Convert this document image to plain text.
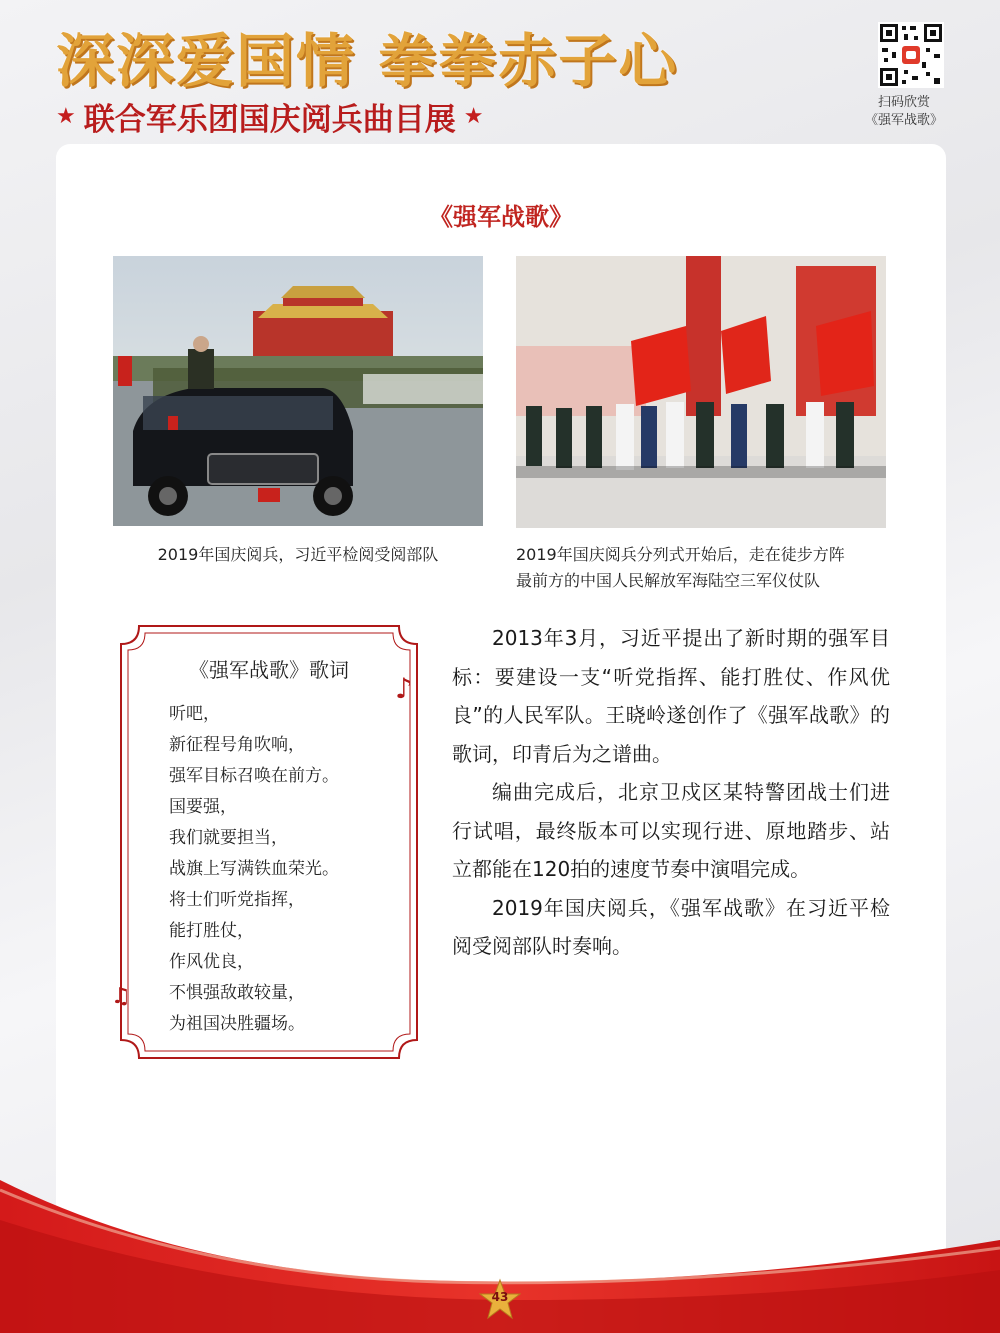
深深爱国情 拳拳赤子心
★ 联合军乐团国庆阅兵曲目展 ★
扫码欣赏
《强军战歌》
《强军战歌》
2019年国庆阅兵，习近平检阅受阅部队	2019年国庆阅兵分列式开始后，走在徒步方阵
最前方的中国人民解放军海陆空三军仪仗队
《强军战歌》歌词
听吧，
新征程号角吹响，
强军目标召唤在前方。
国要强，
我们就要担当，
战旗上写满铁血荣光。
将士们听党指挥，
能打胜仗，
作风优良，
不惧强敌敢较量，
为祖国决胜疆场。
♪
♫

2013年3月，习近平提出了新时期的强军目标：要建设一支“听党指挥、能打胜仗、作风优良”的人民军队。王晓岭遂创作了《强军战歌》的歌词，印青后为之谱曲。

编曲完成后，北京卫戍区某特警团战士们进行试唱，最终版本可以实现行进、原地踏步、站立都能在120拍的速度节奏中演唱完成。

2019年国庆阅兵，《强军战歌》在习近平检阅受阅部队时奏响。

43
